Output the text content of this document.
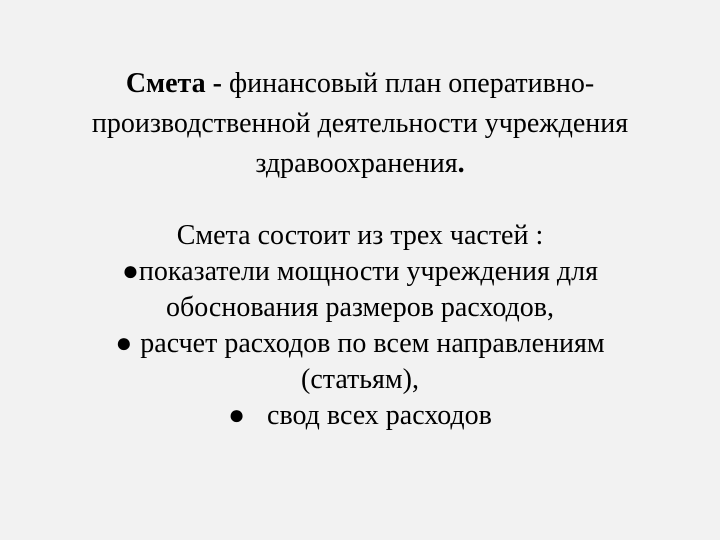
Смета - финансовый план оперативно-
производственной деятельности учреждения
здравоохранения.
Смета состоит из трех частей :
●показатели мощности учреждения для
обоснования размеров расходов,
● расчет расходов по всем направлениям
(статьям),
● свод всех расходов
